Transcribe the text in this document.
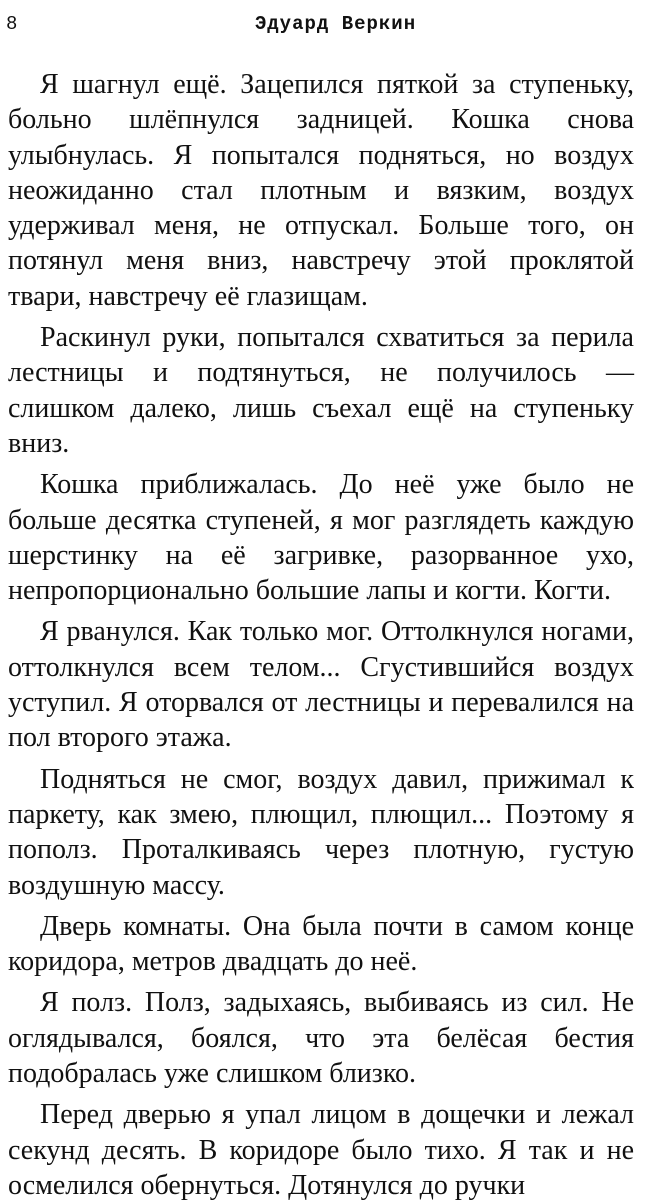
8	Эдуард Веркин

Я шагнул ещё. Зацепился пяткой за ступеньку, больно шлёпнулся задницей. Кошка снова улыбнулась. Я попытался подняться, но воздух неожиданно стал плотным и вязким, воздух удерживал меня, не отпускал. Больше того, он потянул меня вниз, навстречу этой проклятой твари, навстречу её глазищам.

Раскинул руки, попытался схватиться за перила лестницы и подтянуться, не получилось — слишком далеко, лишь съехал ещё на ступеньку вниз.

Кошка приближалась. До неё уже было не больше десятка ступеней, я мог разглядеть каждую шерстинку на её загривке, разорванное ухо, непропорционально большие лапы и когти. Когти.

Я рванулся. Как только мог. Оттолкнулся ногами, оттолкнулся всем телом... Сгустившийся воздух уступил. Я оторвался от лестницы и перевалился на пол второго этажа.

Подняться не смог, воздух давил, прижимал к паркету, как змею, плющил, плющил... Поэтому я пополз. Проталкиваясь через плотную, густую воздушную массу.

Дверь комнаты. Она была почти в самом конце коридора, метров двадцать до неё.

Я полз. Полз, задыхаясь, выбиваясь из сил. Не оглядывался, боялся, что эта белёсая бестия подобралась уже слишком близко.

Перед дверью я упал лицом в дощечки и лежал секунд десять. В коридоре было тихо. Я так и не осмелился обернуться. Дотянулся до ручки
